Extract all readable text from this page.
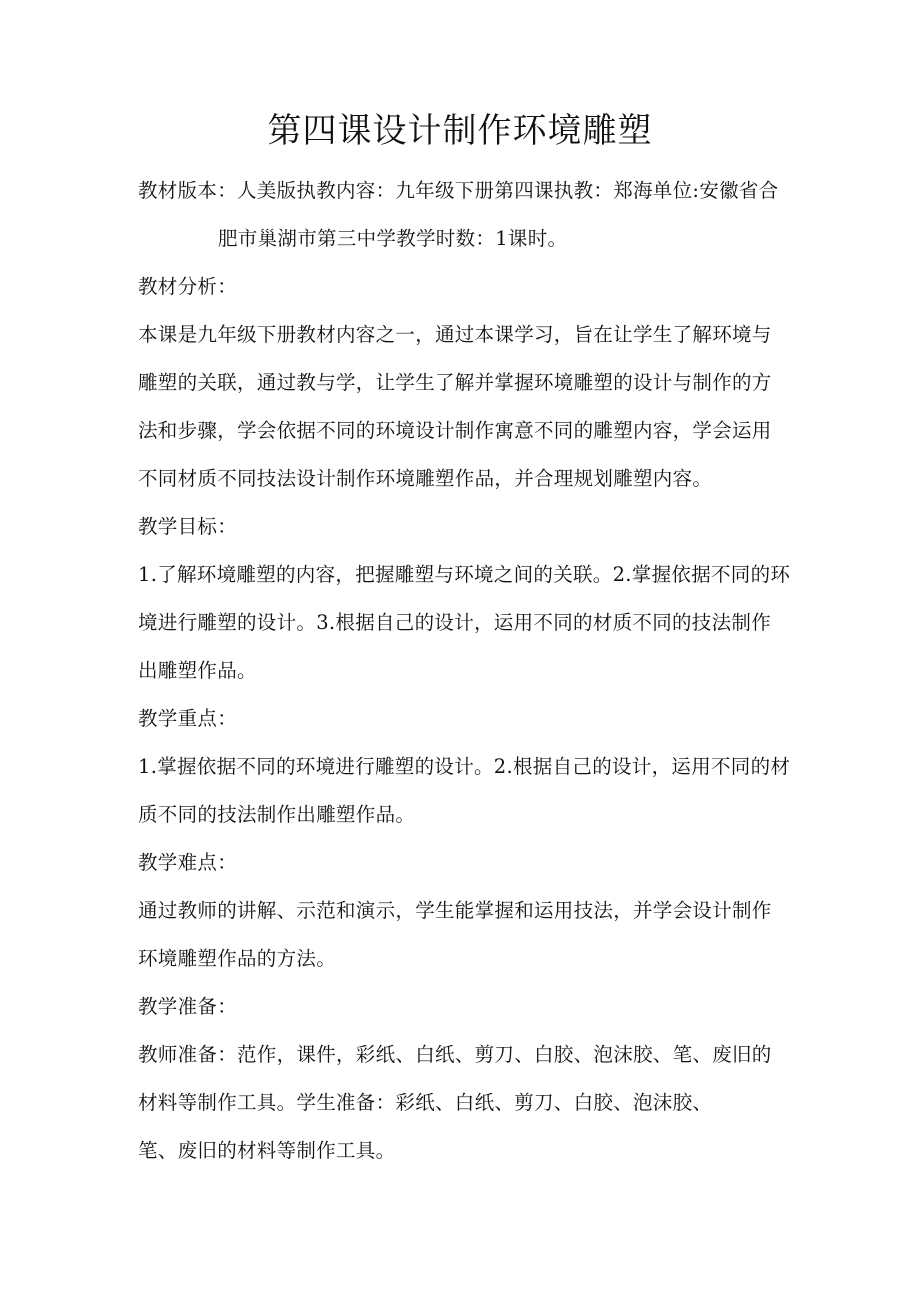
第四课设计制作环境雕塑
教材版本：人美版执教内容：九年级下册第四课执教：郑海单位:安徽省合
肥市巢湖市第三中学教学时数：1课时。
教材分析：
本课是九年级下册教材内容之一，通过本课学习，旨在让学生了解环境与
雕塑的关联，通过教与学，让学生了解并掌握环境雕塑的设计与制作的方
法和步骤，学会依据不同的环境设计制作寓意不同的雕塑内容，学会运用
不同材质不同技法设计制作环境雕塑作品，并合理规划雕塑内容。
教学目标：
1.了解环境雕塑的内容，把握雕塑与环境之间的关联。2.掌握依据不同的环
境进行雕塑的设计。3.根据自己的设计，运用不同的材质不同的技法制作
出雕塑作品。
教学重点：
1.掌握依据不同的环境进行雕塑的设计。2.根据自己的设计，运用不同的材
质不同的技法制作出雕塑作品。
教学难点：
通过教师的讲解、示范和演示，学生能掌握和运用技法，并学会设计制作
环境雕塑作品的方法。
教学准备：
教师准备：范作，课件，彩纸、白纸、剪刀、白胶、泡沫胶、笔、废旧的
材料等制作工具。学生准备：彩纸、白纸、剪刀、白胶、泡沫胶、
笔、废旧的材料等制作工具。
